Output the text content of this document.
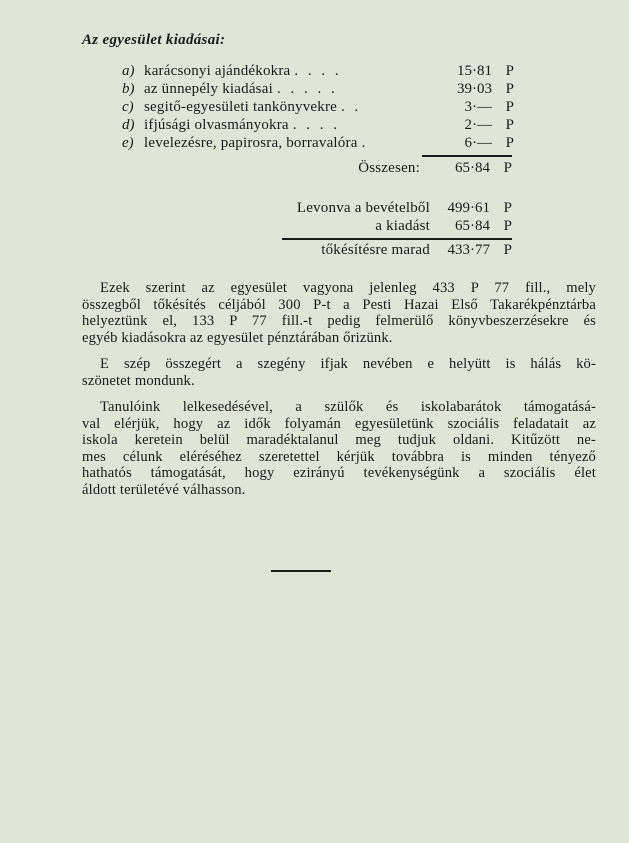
Az egyesület kiadásai:
a) karácsonyi ajándékokra . . . .	15·81 P
b) az ünnepély kiadásai . . . . .	39·03 P
c) segitő-egyesületi tankönyvekre . .	3·— P
d) ifjúsági olvasmányokra . . . .	2·— P
e) levelezésre, papirosra, borravalóra .	6·— P
Összesen:	65·84 P
Levonva a bevételből	499·61 P
a kiadást	65·84 P
tőkésítésre marad	433·77 P
Ezek szerint az egyesület vagyona jelenleg 433 P 77 fill., mely
összegből tőkésítés céljából 300 P-t a Pesti Hazai Első Takarékpénztárba
helyeztünk el, 133 P 77 fill.-t pedig felmerülő könyvbeszerzésekre és
egyéb kiadásokra az egyesület pénztárában őrizünk.
E szép összegért a szegény ifjak nevében e helyütt is hálás kö-
szönetet mondunk.
Tanulóink lelkesedésével, a szülők és iskolabarátok támogatásá-
val elérjük, hogy az idők folyamán egyesületünk szociális feladatait az
iskola keretein belül maradéktalanul meg tudjuk oldani. Kitűzött ne-
mes célunk eléréséhez szeretettel kérjük továbbra is minden tényező
hathatós támogatását, hogy ezirányú tevékenységünk a szociális élet
áldott területévé válhasson.
